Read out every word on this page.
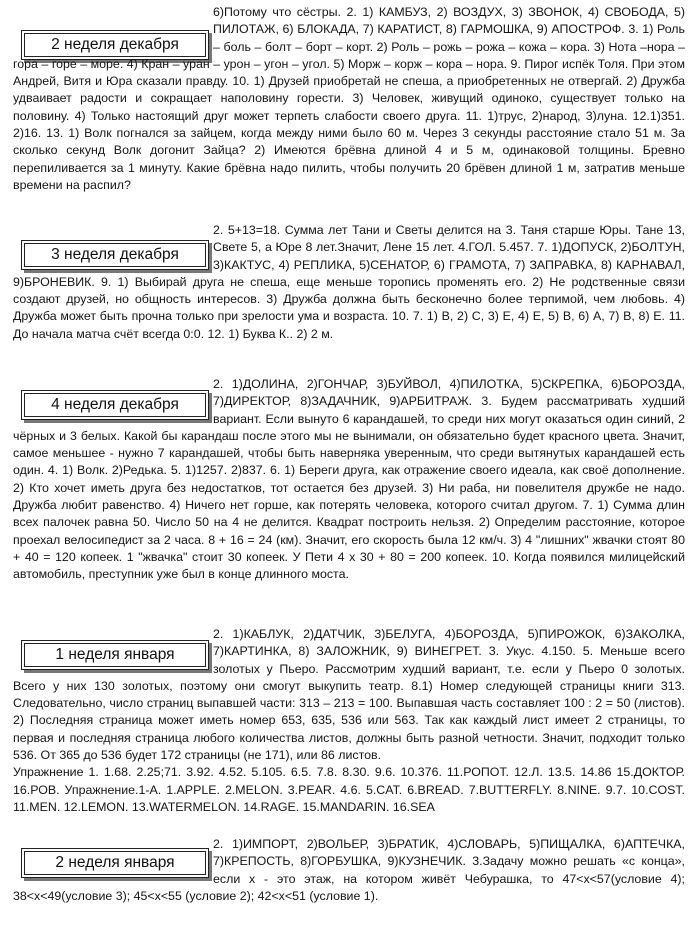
2 неделя декабря
6)Потому что сёстры. 2. 1) КАМБУЗ, 2) ВОЗДУХ, 3) ЗВОНОК, 4) СВОБОДА, 5) ПИЛОТАЖ, 6) БЛОКАДА, 7) КАРАТИСТ, 8) ГАРМОШКА, 9) АПОСТРОФ. 3. 1) Роль – боль – болт – борт – корт. 2) Роль – рожь – рожа – кожа – кора. 3) Нота –нора – гора – горе – море. 4) Кран – уран – урон – угон – угол. 5) Морж – корж – кора – нора. 9. Пирог испёк Толя. При этом Андрей, Витя и Юра сказали правду. 10. 1) Друзей приобретай не спеша, а приобретенных не отвергай. 2) Дружба удваивает радости и сокращает наполовину горести. 3) Человек, живущий одиноко, существует только на половину. 4) Только настоящий друг может терпеть слабости своего друга. 11. 1)трус, 2)народ, 3)луна. 12.1)351. 2)16. 13. 1) Волк погнался за зайцем, когда между ними было 60 м. Через 3 секунды расстояние стало 51 м. За сколько секунд Волк догонит Зайца? 2) Имеются брёвна длиной 4 и 5 м, одинаковой толщины. Бревно перепиливается за 1 минуту. Какие брёвна надо пилить, чтобы получить 20 брёвен длиной 1 м, затратив меньше времени на распил?
3 неделя декабря
2. 5+13=18. Сумма лет Тани и Светы делится на 3. Таня старше Юры. Тане 13, Свете 5, а Юре 8 лет.Значит, Лене 15 лет. 4.ГОЛ. 5.457. 7. 1)ДОПУСК, 2)БОЛТУН, 3)КАКТУС, 4) РЕПЛИКА, 5)СЕНАТОР, 6) ГРАМОТА, 7) ЗАПРАВКА, 8) КАРНАВАЛ, 9)БРОНЕВИК. 9. 1) Выбирай друга не спеша, еще меньше торопись променять его. 2) Не родственные связи создают друзей, но общность интересов. 3) Дружба должна быть бесконечно более терпимой, чем любовь. 4) Дружба может быть прочна только при зрелости ума и возраста. 10. 7. 1) В, 2) С, 3) Е, 4) Е, 5) В, 6) А, 7) В, 8) Е. 11. До начала матча счёт всегда 0:0. 12. 1) Буква К.. 2) 2 м.
4 неделя декабря
2. 1)ДОЛИНА, 2)ГОНЧАР, 3)БУЙВОЛ, 4)ПИЛОТКА, 5)СКРЕПКА, 6)БОРОЗДА, 7)ДИРЕКТОР, 8)ЗАДАЧНИК, 9)АРБИТРАЖ. 3. Будем рассматривать худший вариант. Если вынуто 6 карандашей, то среди них могут оказаться один синий, 2 чёрных и 3 белых. Какой бы карандаш после этого мы не вынимали, он обязательно будет красного цвета. Значит, самое меньшее - нужно 7 карандашей, чтобы быть наверняка уверенным, что среди вытянутых карандашей есть один. 4. 1) Волк. 2)Редька. 5. 1)1257. 2)837. 6. 1) Береги друга, как отражение своего идеала, как своё дополнение. 2) Кто хочет иметь друга без недостатков, тот остается без друзей. 3) Ни раба, ни повелителя дружбе не надо. Дружба любит равенство. 4) Ничего нет горше, как потерять человека, которого считал другом. 7. 1) Сумма длин всех палочек равна 50. Число 50 на 4 не делится. Квадрат построить нельзя. 2) Определим расстояние, которое проехал велосипедист за 2 часа. 8 + 16 = 24 (км). Значит, его скорость была 12 км/ч. 3) 4 "лишних" жвачки стоят 80 + 40 = 120 копеек. 1 "жвачка" стоит 30 копеек. У Пети 4 x 30 + 80 = 200 копеек. 10. Когда появился милицейский автомобиль, преступник уже был в конце длинного моста.
1 неделя января
2. 1)КАБЛУК, 2)ДАТЧИК, 3)БЕЛУГА, 4)БОРОЗДА, 5)ПИРОЖОК, 6)ЗАКОЛКА, 7)КАРТИНКА, 8) ЗАЛОЖНИК, 9) ВИНЕГРЕТ. 3. Укус. 4.150. 5. Меньше всего золотых у Пьеро. Рассмотрим худший вариант, т.е. если у Пьеро 0 золотых. Всего у них 130 золотых, поэтому они смогут выкупить театр. 8.1) Номер следующей страницы книги 313. Следовательно, число страниц выпавшей части: 313 – 213 = 100. Выпавшая часть составляет 100 : 2 = 50 (листов). 2) Последняя страница может иметь номер 653, 635, 536 или 563. Так как каждый лист имеет 2 страницы, то первая и последняя страница любого количества листов, должны быть разной четности. Значит, подходит только 536. От 365 до 536 будет 172 страницы (не 171), или 86 листов.
Упражнение 1. 1.68. 2.25;71. 3.92. 4.52. 5.105. 6.5. 7.8. 8.30. 9.6. 10.376. 11.РОПОТ. 12.Л. 13.5. 14.86 15.ДОКТОР. 16.РОВ. Упражнение.1-А. 1.APPLE. 2.MELON. 3.PEAR. 4.6. 5.CAT. 6.BREAD. 7.BUTTERFLY. 8.NINE. 9.7. 10.COST. 11.MEN. 12.LEMON. 13.WATERMELON. 14.RAGE. 15.MANDARIN. 16.SEA
2 неделя января
2. 1)ИМПОРТ, 2)ВОЛЬЕР, 3)БРАТИК, 4)СЛОВАРЬ, 5)ПИЩАЛКА, 6)АПТЕЧКА, 7)КРЕПОСТЬ, 8)ГОРБУШКА, 9)КУЗНЕЧИК. 3.Задачу можно решать «с конца», если x - это этаж, на котором живёт Чебурашка, то 47<x<57(условие 4); 38<x<49(условие 3); 45<x<55 (условие 2); 42<x<51 (условие 1).
